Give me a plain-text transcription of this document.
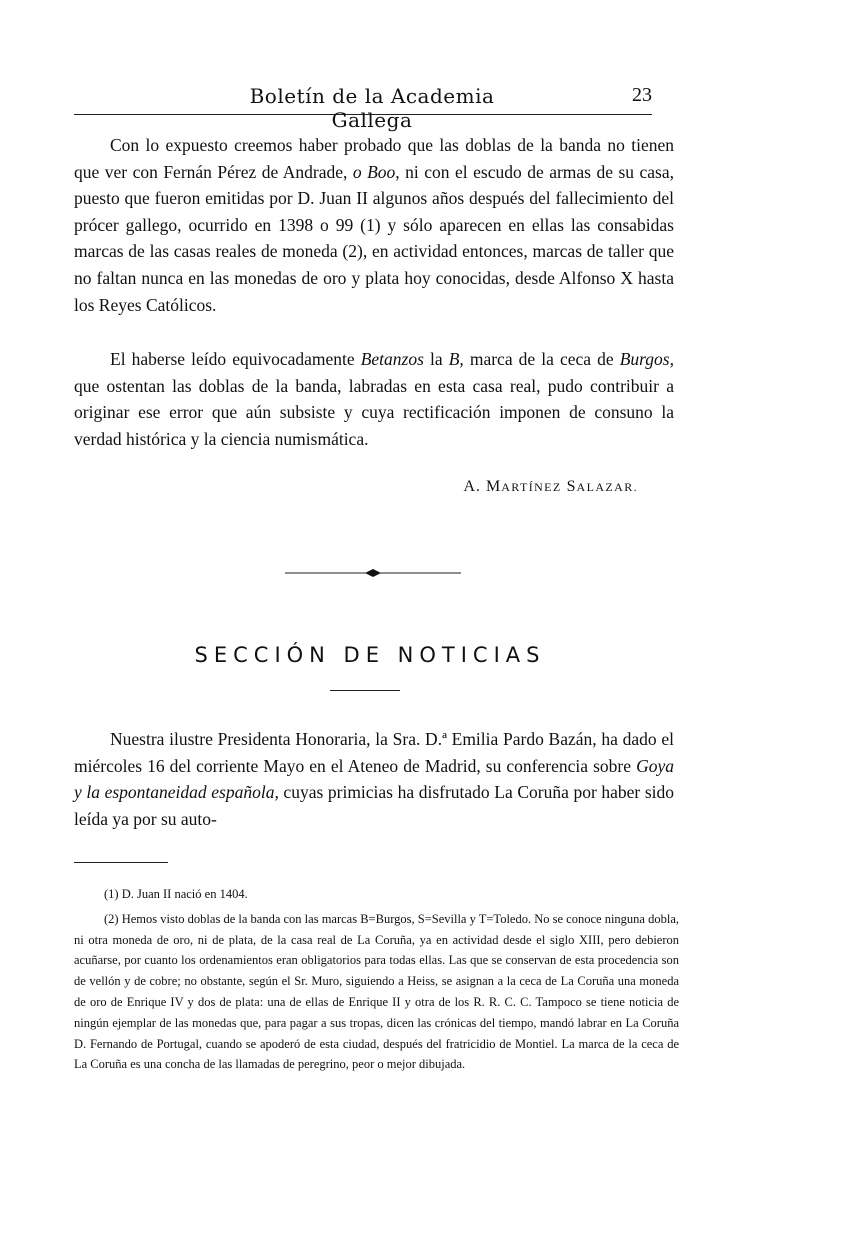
Boletín de la Academia Gallega
23

Con lo expuesto creemos haber probado que las doblas de la banda no tienen que ver con Fernán Pérez de Andrade, o Boo, ni con el escudo de armas de su casa, puesto que fueron emitidas por D. Juan II algunos años después del fallecimiento del prócer gallego, ocurrido en 1398 o 99 (1) y sólo aparecen en ellas las consabidas marcas de las casas reales de moneda (2), en actividad entonces, marcas de taller que no faltan nunca en las monedas de oro y plata hoy conocidas, desde Alfonso X hasta los Reyes Católicos.

El haberse leído equivocadamente Betanzos la B, marca de la ceca de Burgos, que ostentan las doblas de la banda, labradas en esta casa real, pudo contribuir a originar ese error que aún subsiste y cuya rectificación imponen de consuno la verdad histórica y la ciencia numismática.

A. MARTÍNEZ SALAZAR.
SECCIÓN DE NOTICIAS

Nuestra ilustre Presidenta Honoraria, la Sra. D.ª Emilia Pardo Bazán, ha dado el miércoles 16 del corriente Mayo en el Ateneo de Madrid, su conferencia sobre Goya y la espontaneidad española, cuyas primicias ha disfrutado La Coruña por haber sido leída ya por su auto-

(1) D. Juan II nació en 1404.

(2) Hemos visto doblas de la banda con las marcas B=Burgos, S=Sevilla y T=Toledo. No se conoce ninguna dobla, ni otra moneda de oro, ni de plata, de la casa real de La Coruña, ya en actividad desde el siglo XIII, pero debieron acuñarse, por cuanto los ordenamientos eran obligatorios para todas ellas. Las que se conservan de esta procedencia son de vellón y de cobre; no obstante, según el Sr. Muro, siguiendo a Heiss, se asignan a la ceca de La Coruña una moneda de oro de Enrique IV y dos de plata: una de ellas de Enrique II y otra de los R. R. C. C. Tampoco se tiene noticia de ningún ejemplar de las monedas que, para pagar a sus tropas, dicen las crónicas del tiempo, mandó labrar en La Coruña D. Fernando de Portugal, cuando se apoderó de esta ciudad, después del fratricidio de Montiel. La marca de la ceca de La Coruña es una concha de las llamadas de peregrino, peor o mejor dibujada.
